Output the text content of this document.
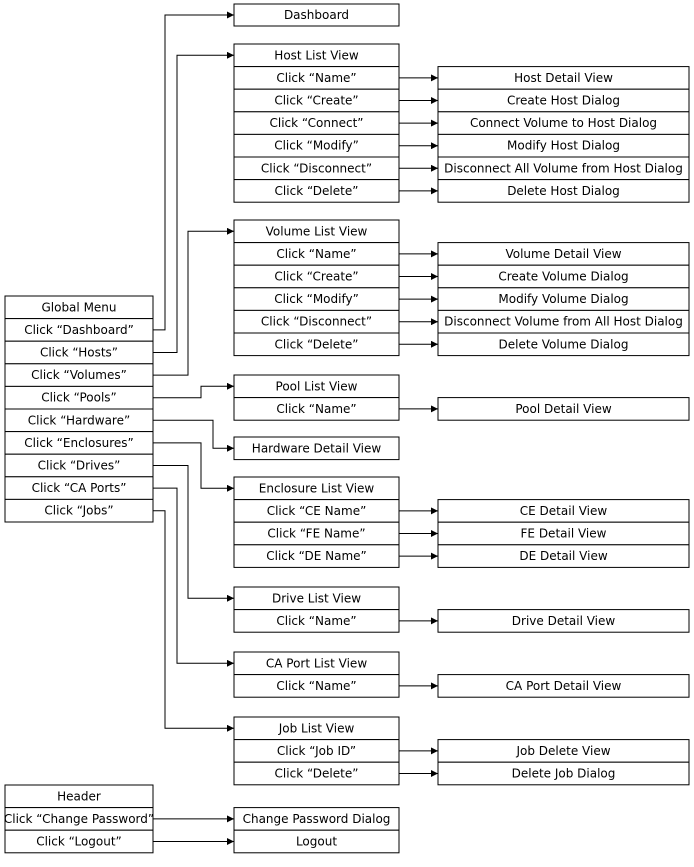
Dashboard
Global Menu
Click “Dashboard”
Click “Hosts”
Click “Volumes”
Click “Pools”
Click “Hardware”
Click “Enclosures”
Click “Drives”
Click “CA Ports”
Click “Jobs”
Host List View
Click “Name”	Host Detail View
Click “Create”	Create Host Dialog
Click “Connect”	Connect Volume to Host Dialog
Click “Modify”	Modify Host Dialog
Click “Disconnect”	Disconnect All Volume from Host Dialog
Click “Delete”	Delete Host Dialog
Volume List View
Click “Name”	Volume Detail View
Click “Create”	Create Volume Dialog
Click “Modify”	Modify Volume Dialog
Click “Disconnect”	Disconnect Volume from All Host Dialog
Click “Delete”	Delete Volume Dialog
Pool List View
Click “Name”	Pool Detail View
Hardware Detail View
Enclosure List View
Click “CE Name”	CE Detail View
Click “FE Name”	FE Detail View
Click “DE Name”	DE Detail View
Drive List View
Click “Name”	Drive Detail View
CA Port List View
Click “Name”	CA Port Detail View
Job List View
Click “Job ID”	Job Delete View
Click “Delete”	Delete Job Dialog
Header
Click “Change Password”	Change Password Dialog
Click “Logout”	Logout
